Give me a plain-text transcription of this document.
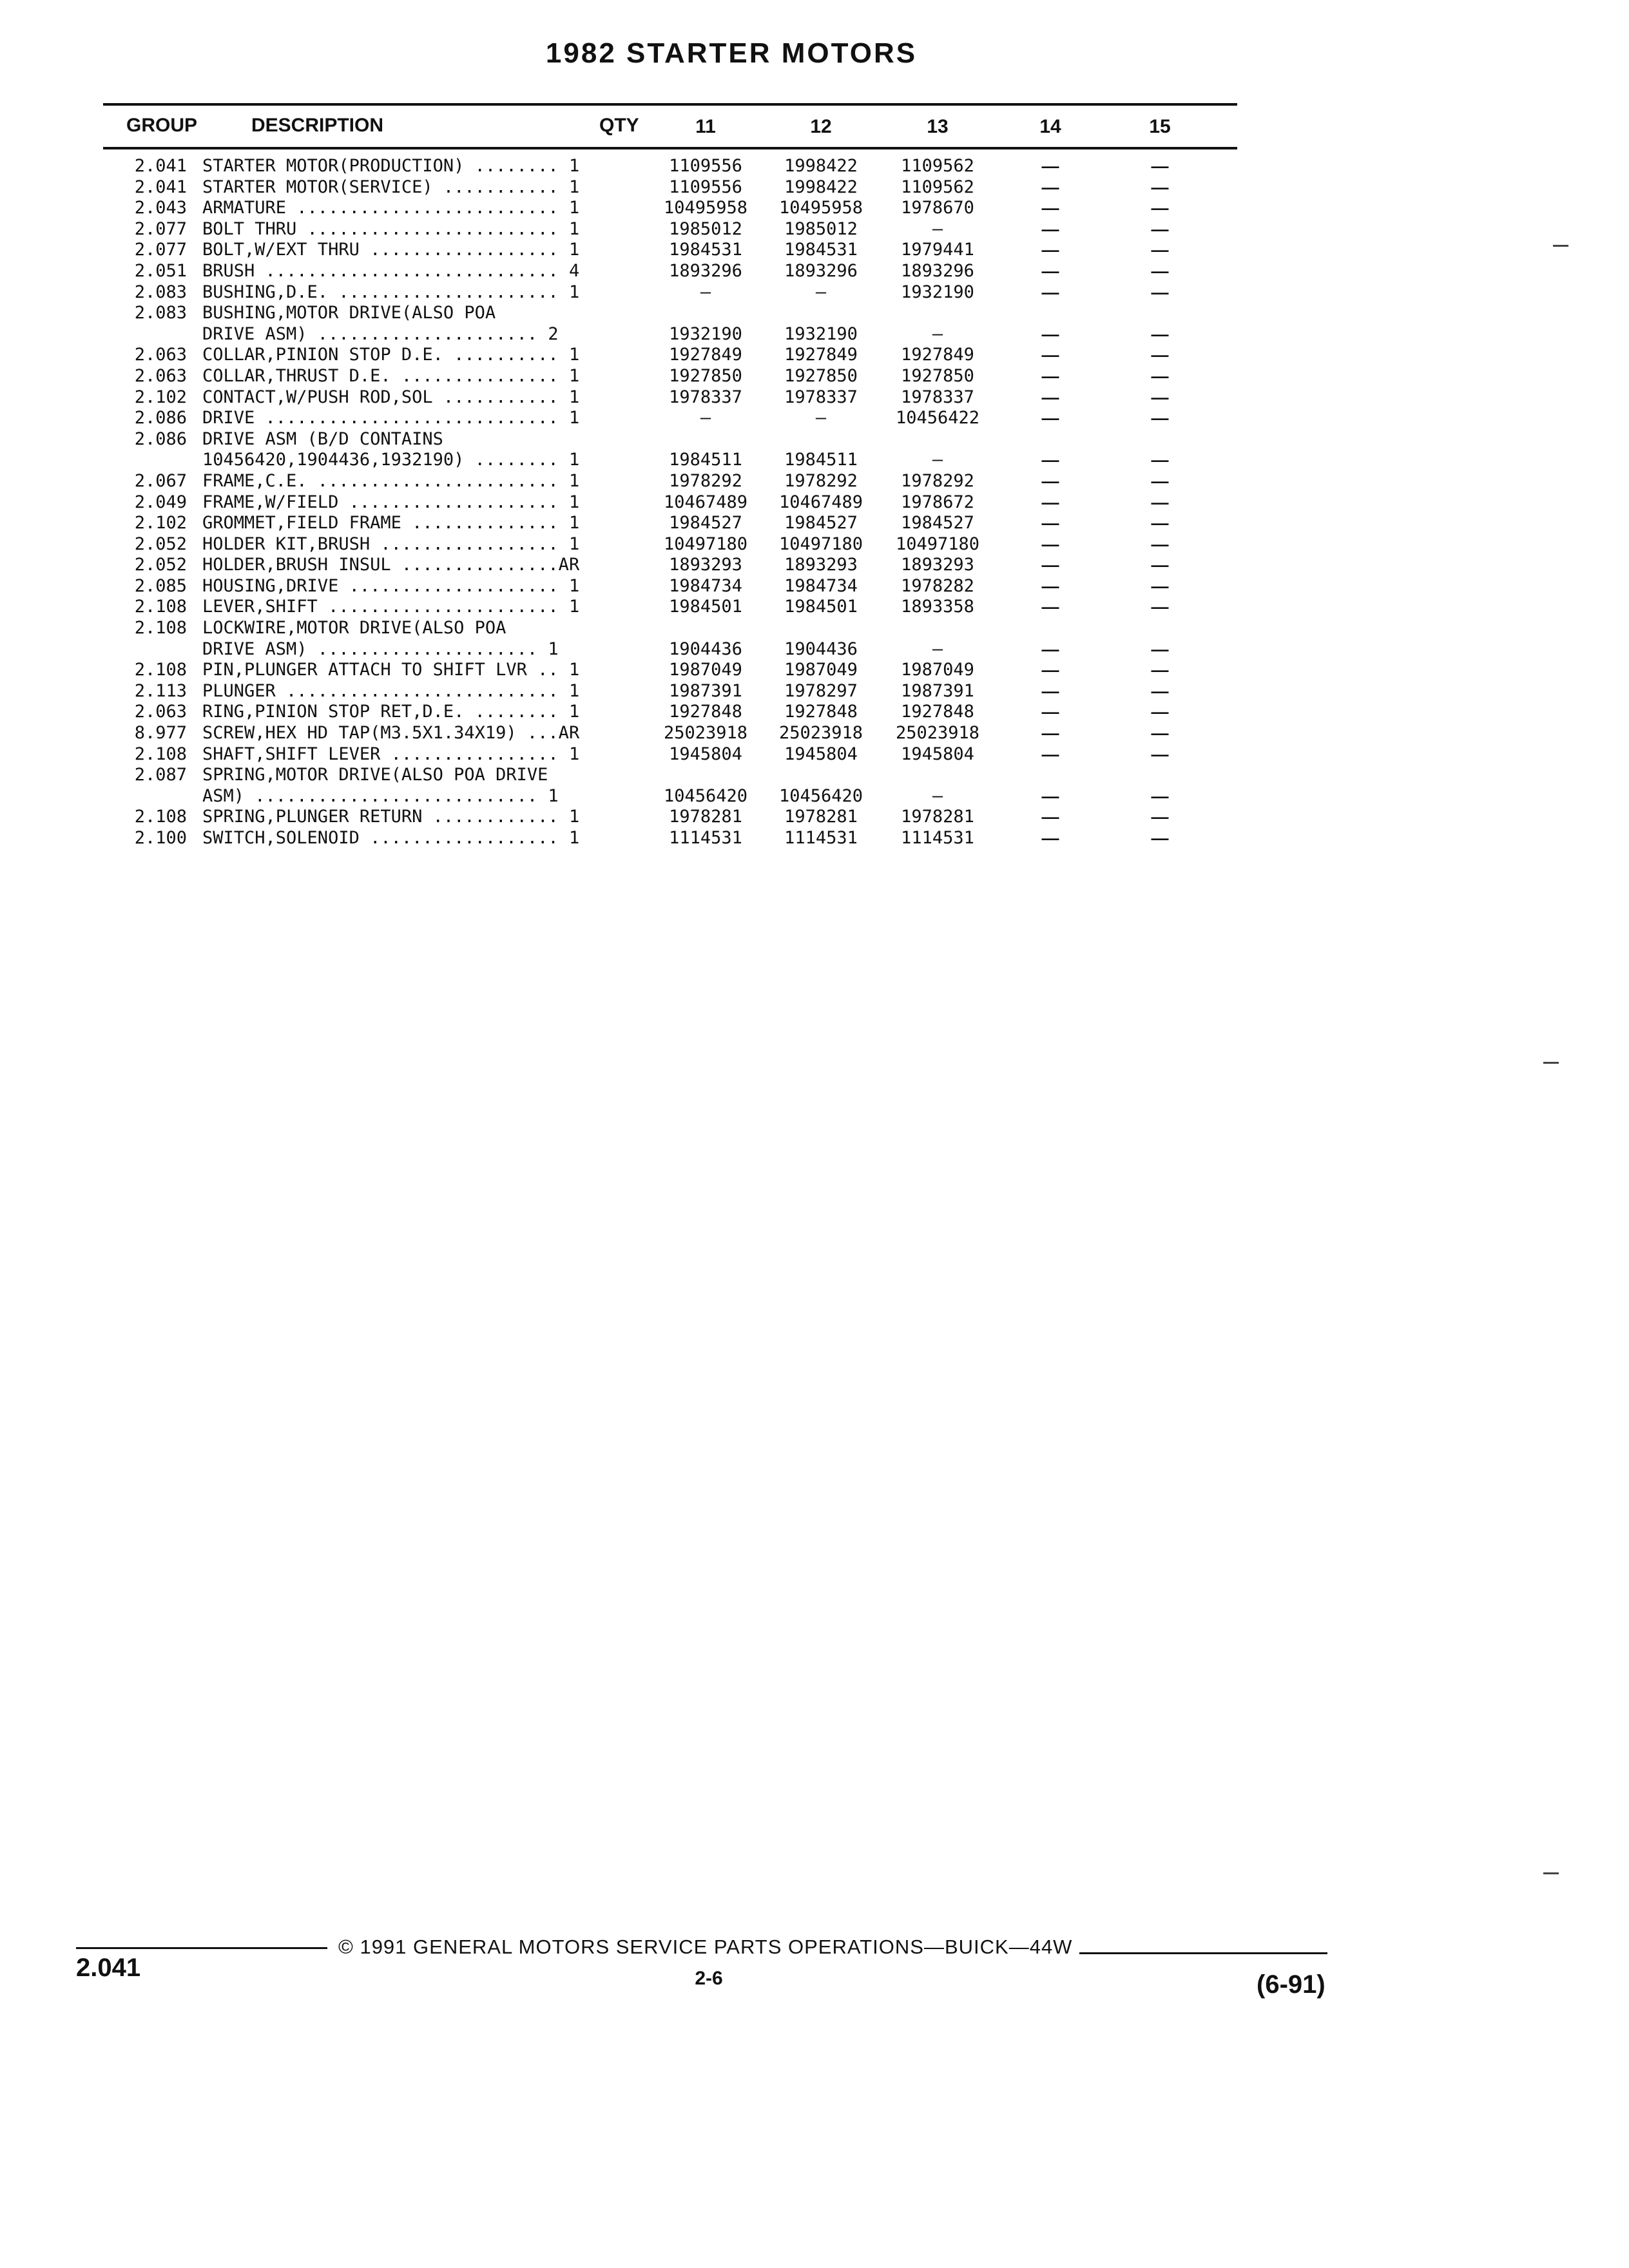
1982 STARTER MOTORS
GROUP	DESCRIPTION	QTY	11	12	13	14	15
2.041 STARTER MOTOR(PRODUCTION) ........ 1	1109556	1998422	1109562	—	—
2.041 STARTER MOTOR(SERVICE) ........... 1	1109556	1998422	1109562	—	—
2.043 ARMATURE ......................... 1	10495958	10495958	1978670	—	—
2.077 BOLT THRU ........................ 1	1985012	1985012	—	—	—
2.077 BOLT,W/EXT THRU .................. 1	1984531	1984531	1979441	—	—
2.051 BRUSH ............................ 4	1893296	1893296	1893296	—	—
2.083 BUSHING,D.E. ..................... 1	—	—	1932190	—	—
2.083 BUSHING,MOTOR DRIVE(ALSO POA
DRIVE ASM) ..................... 2	1932190	1932190	—	—	—
2.063 COLLAR,PINION STOP D.E. .......... 1	1927849	1927849	1927849	—	—
2.063 COLLAR,THRUST D.E. ............... 1	1927850	1927850	1927850	—	—
2.102 CONTACT,W/PUSH ROD,SOL ........... 1	1978337	1978337	1978337	—	—
2.086 DRIVE ............................ 1	—	—	10456422	—	—
2.086 DRIVE ASM (B/D CONTAINS
10456420,1904436,1932190) ........ 1	1984511	1984511	—	—	—
2.067 FRAME,C.E. ....................... 1	1978292	1978292	1978292	—	—
2.049 FRAME,W/FIELD .................... 1	10467489	10467489	1978672	—	—
2.102 GROMMET,FIELD FRAME .............. 1	1984527	1984527	1984527	—	—
2.052 HOLDER KIT,BRUSH ................. 1	10497180	10497180	10497180	—	—
2.052 HOLDER,BRUSH INSUL ...............AR	1893293	1893293	1893293	—	—
2.085 HOUSING,DRIVE .................... 1	1984734	1984734	1978282	—	—
2.108 LEVER,SHIFT ...................... 1	1984501	1984501	1893358	—	—
2.108 LOCKWIRE,MOTOR DRIVE(ALSO POA
DRIVE ASM) ..................... 1	1904436	1904436	—	—	—
2.108 PIN,PLUNGER ATTACH TO SHIFT LVR .. 1	1987049	1987049	1987049	—	—
2.113 PLUNGER .......................... 1	1987391	1978297	1987391	—	—
2.063 RING,PINION STOP RET,D.E. ........ 1	1927848	1927848	1927848	—	—
8.977 SCREW,HEX HD TAP(M3.5X1.34X19) ...AR	25023918	25023918	25023918	—	—
2.108 SHAFT,SHIFT LEVER ................ 1	1945804	1945804	1945804	—	—
2.087 SPRING,MOTOR DRIVE(ALSO POA DRIVE
ASM) ........................... 1	10456420	10456420	—	—	—
2.108 SPRING,PLUNGER RETURN ............ 1	1978281	1978281	1978281	—	—
2.100 SWITCH,SOLENOID .................. 1	1114531	1114531	1114531	—	—
© 1991 GENERAL MOTORS SERVICE PARTS OPERATIONS—BUICK—44W
2.041	2-6	(6-91)
